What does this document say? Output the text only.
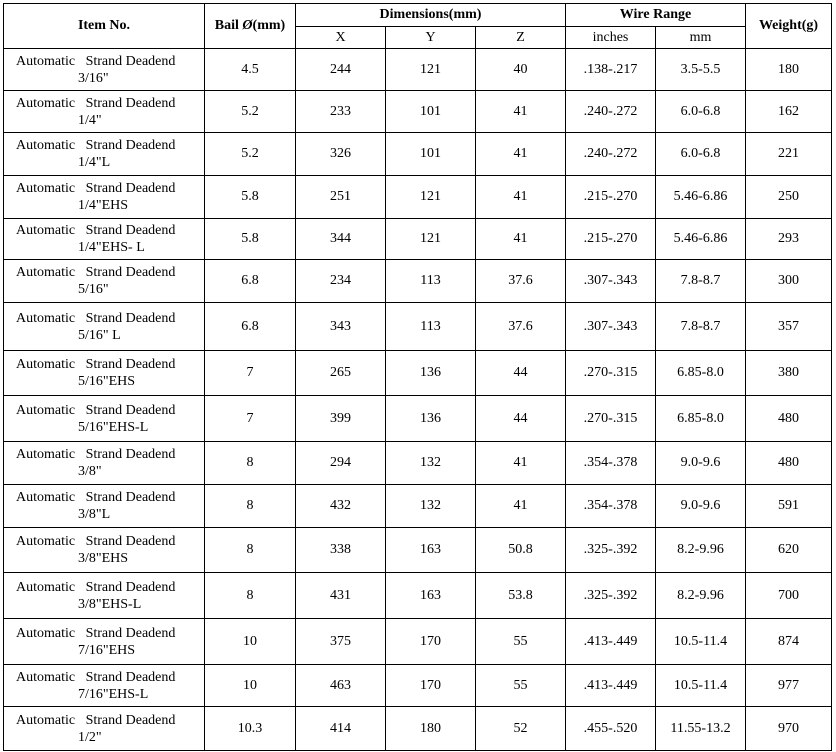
Item No.	Bail Ø(mm)	Dimensions(mm)			Wire Range		Weight(g)
		X	Y	Z	inches	mm	
Automatic   Strand Deadend
3/16"	4.5	244	121	40	.138-.217	3.5-5.5	180
Automatic   Strand Deadend
1/4"	5.2	233	101	41	.240-.272	6.0-6.8	162
Automatic   Strand Deadend
1/4"L	5.2	326	101	41	.240-.272	6.0-6.8	221
Automatic   Strand Deadend
1/4"EHS	5.8	251	121	41	.215-.270	5.46-6.86	250
Automatic   Strand Deadend
1/4"EHS- L	5.8	344	121	41	.215-.270	5.46-6.86	293
Automatic   Strand Deadend
5/16"	6.8	234	113	37.6	.307-.343	7.8-8.7	300
Automatic   Strand Deadend
5/16" L	6.8	343	113	37.6	.307-.343	7.8-8.7	357
Automatic   Strand Deadend
5/16"EHS	7	265	136	44	.270-.315	6.85-8.0	380
Automatic   Strand Deadend
5/16"EHS-L	7	399	136	44	.270-.315	6.85-8.0	480
Automatic   Strand Deadend
3/8"	8	294	132	41	.354-.378	9.0-9.6	480
Automatic   Strand Deadend
3/8"L	8	432	132	41	.354-.378	9.0-9.6	591
Automatic   Strand Deadend
3/8"EHS	8	338	163	50.8	.325-.392	8.2-9.96	620
Automatic   Strand Deadend
3/8"EHS-L	8	431	163	53.8	.325-.392	8.2-9.96	700
Automatic   Strand Deadend
7/16"EHS	10	375	170	55	.413-.449	10.5-11.4	874
Automatic   Strand Deadend
7/16"EHS-L	10	463	170	55	.413-.449	10.5-11.4	977
Automatic   Strand Deadend
1/2"	10.3	414	180	52	.455-.520	11.55-13.2	970
